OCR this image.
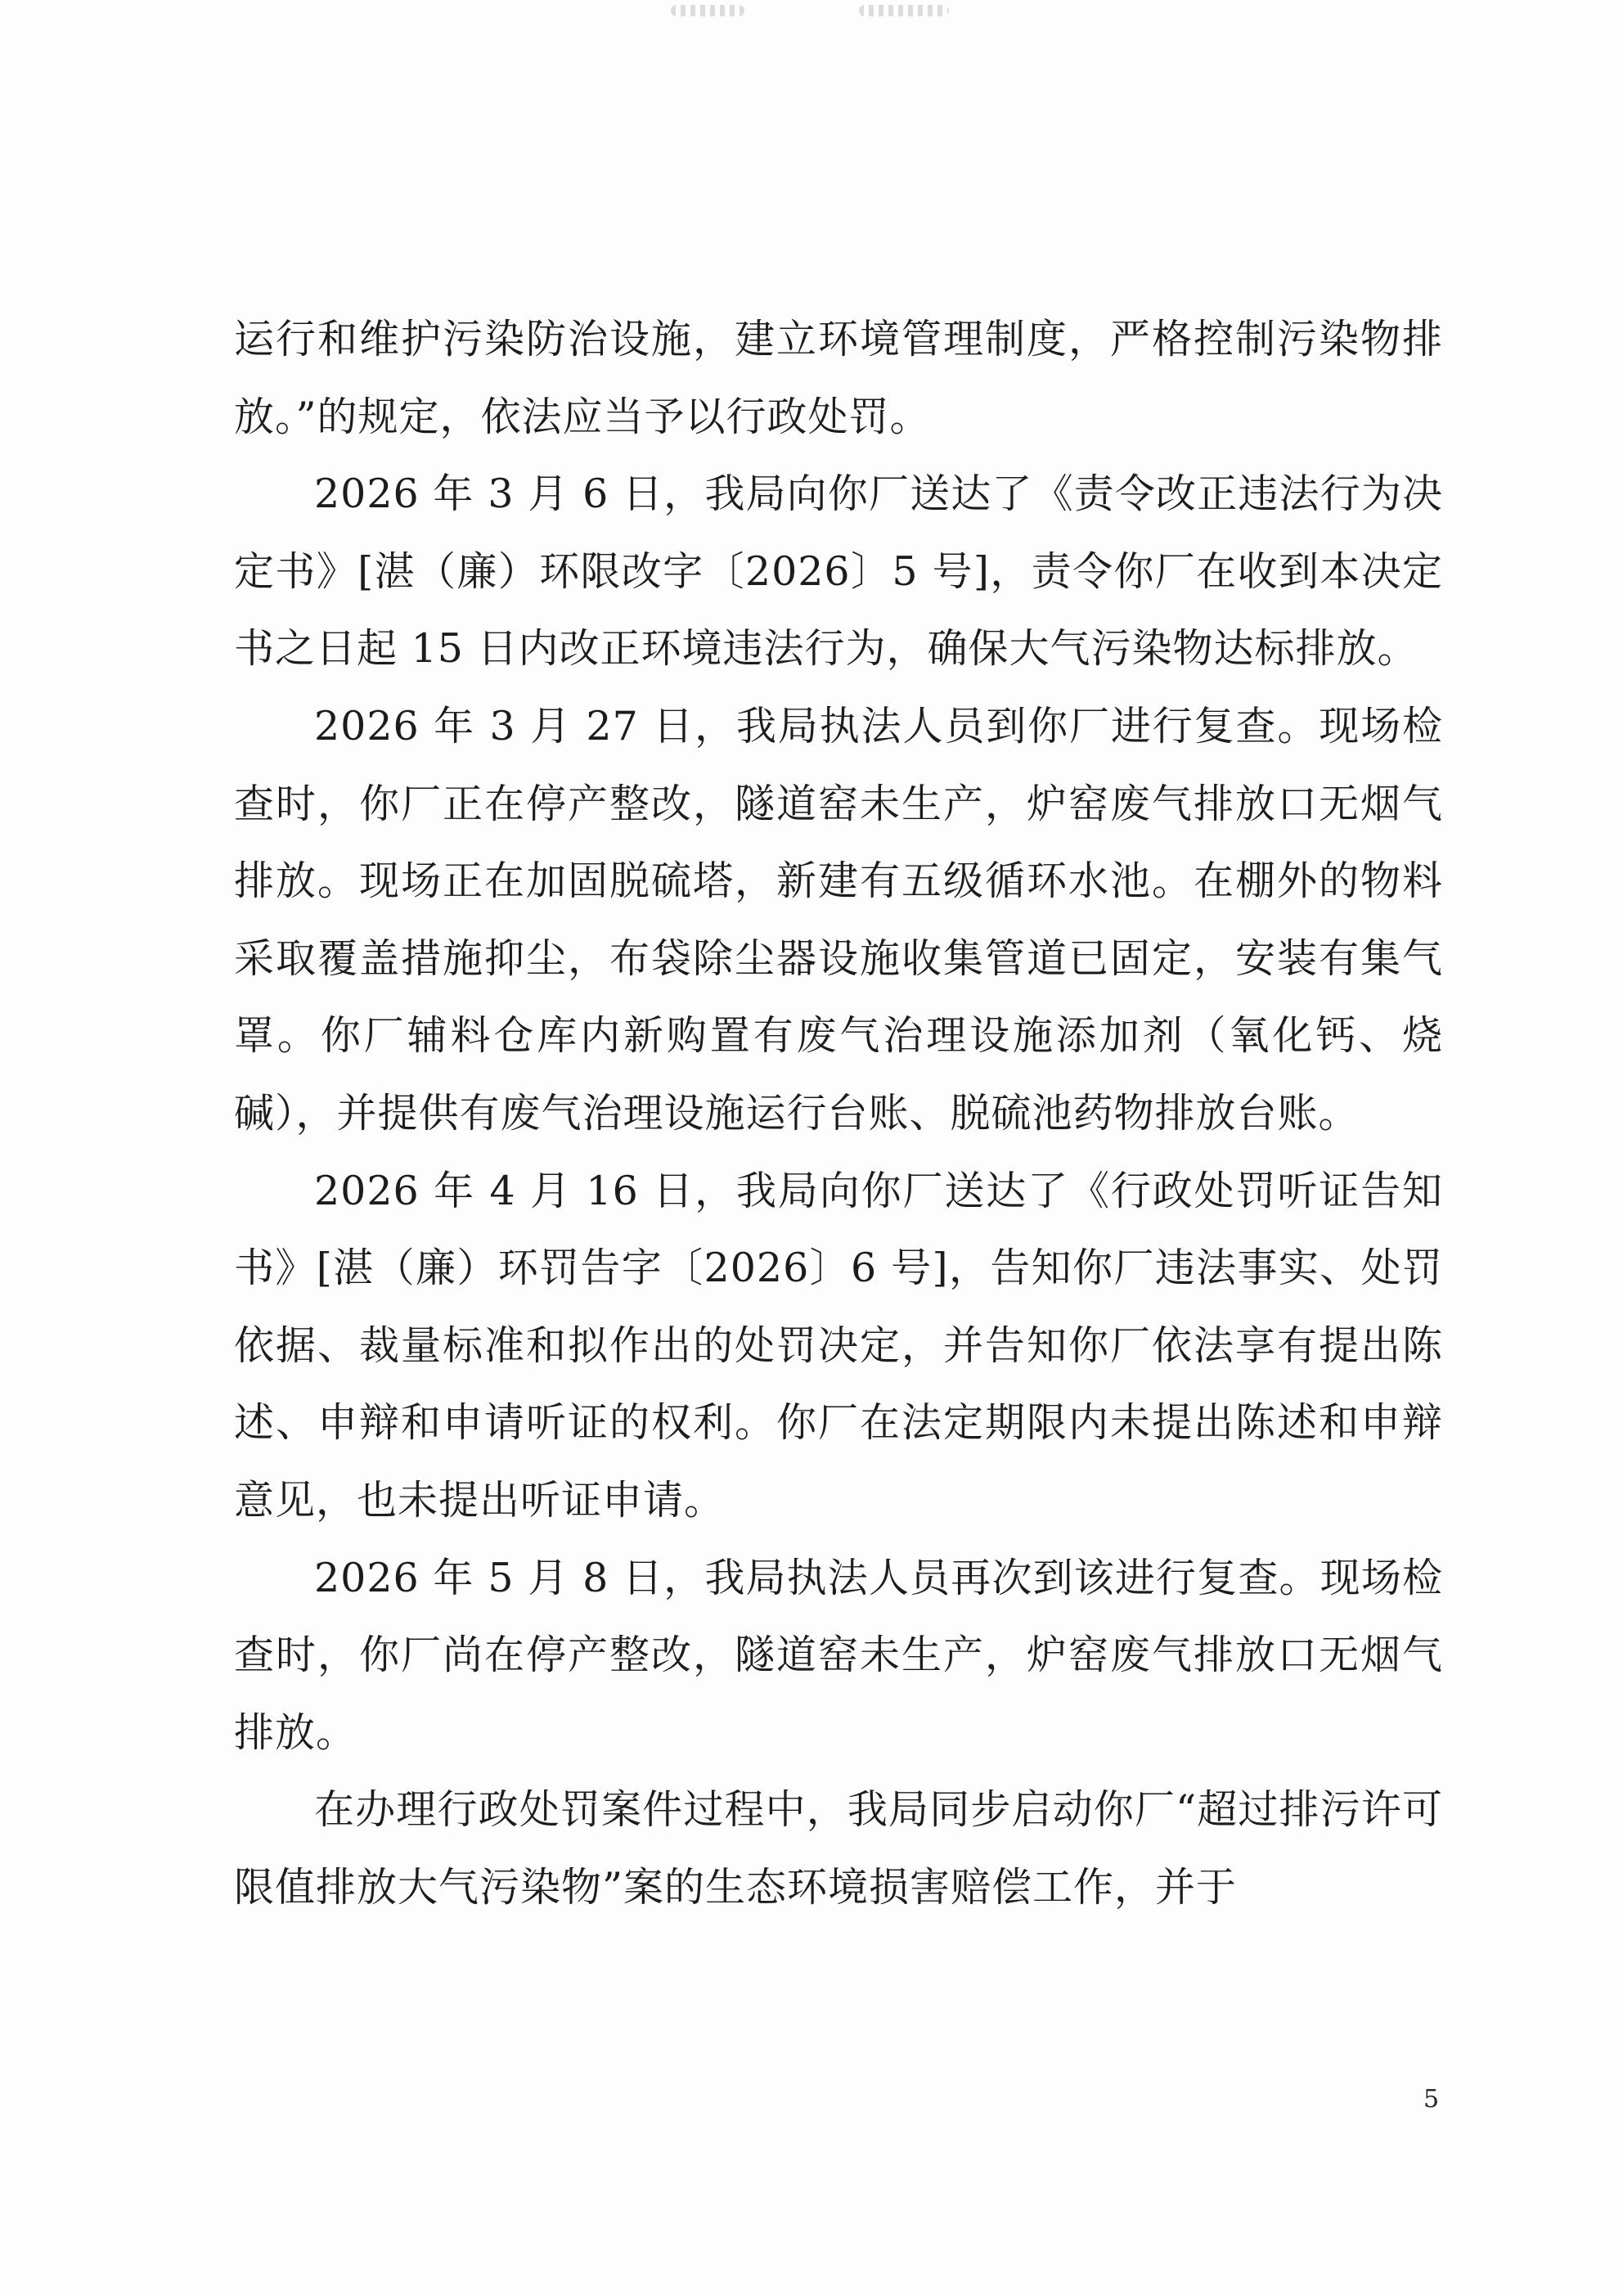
运行和维护污染防治设施，建立环境管理制度，严格控制污染物排放。”的规定，依法应当予以行政处罚。

2026 年 3 月 6 日，我局向你厂送达了《责令改正违法行为决定书》[湛（廉）环限改字〔2026〕5 号]，责令你厂在收到本决定书之日起 15 日内改正环境违法行为，确保大气污染物达标排放。

2026 年 3 月 27 日，我局执法人员到你厂进行复查。现场检查时，你厂正在停产整改，隧道窑未生产，炉窑废气排放口无烟气排放。现场正在加固脱硫塔，新建有五级循环水池。在棚外的物料采取覆盖措施抑尘，布袋除尘器设施收集管道已固定，安装有集气罩。你厂辅料仓库内新购置有废气治理设施添加剂（氧化钙、烧碱），并提供有废气治理设施运行台账、脱硫池药物排放台账。

2026 年 4 月 16 日，我局向你厂送达了《行政处罚听证告知书》[湛（廉）环罚告字〔2026〕6 号]，告知你厂违法事实、处罚依据、裁量标准和拟作出的处罚决定，并告知你厂依法享有提出陈述、申辩和申请听证的权利。你厂在法定期限内未提出陈述和申辩意见，也未提出听证申请。

2026 年 5 月 8 日，我局执法人员再次到该进行复查。现场检查时，你厂尚在停产整改，隧道窑未生产，炉窑废气排放口无烟气排放。

在办理行政处罚案件过程中，我局同步启动你厂“超过排污许可限值排放大气污染物”案的生态环境损害赔偿工作，并于

5
